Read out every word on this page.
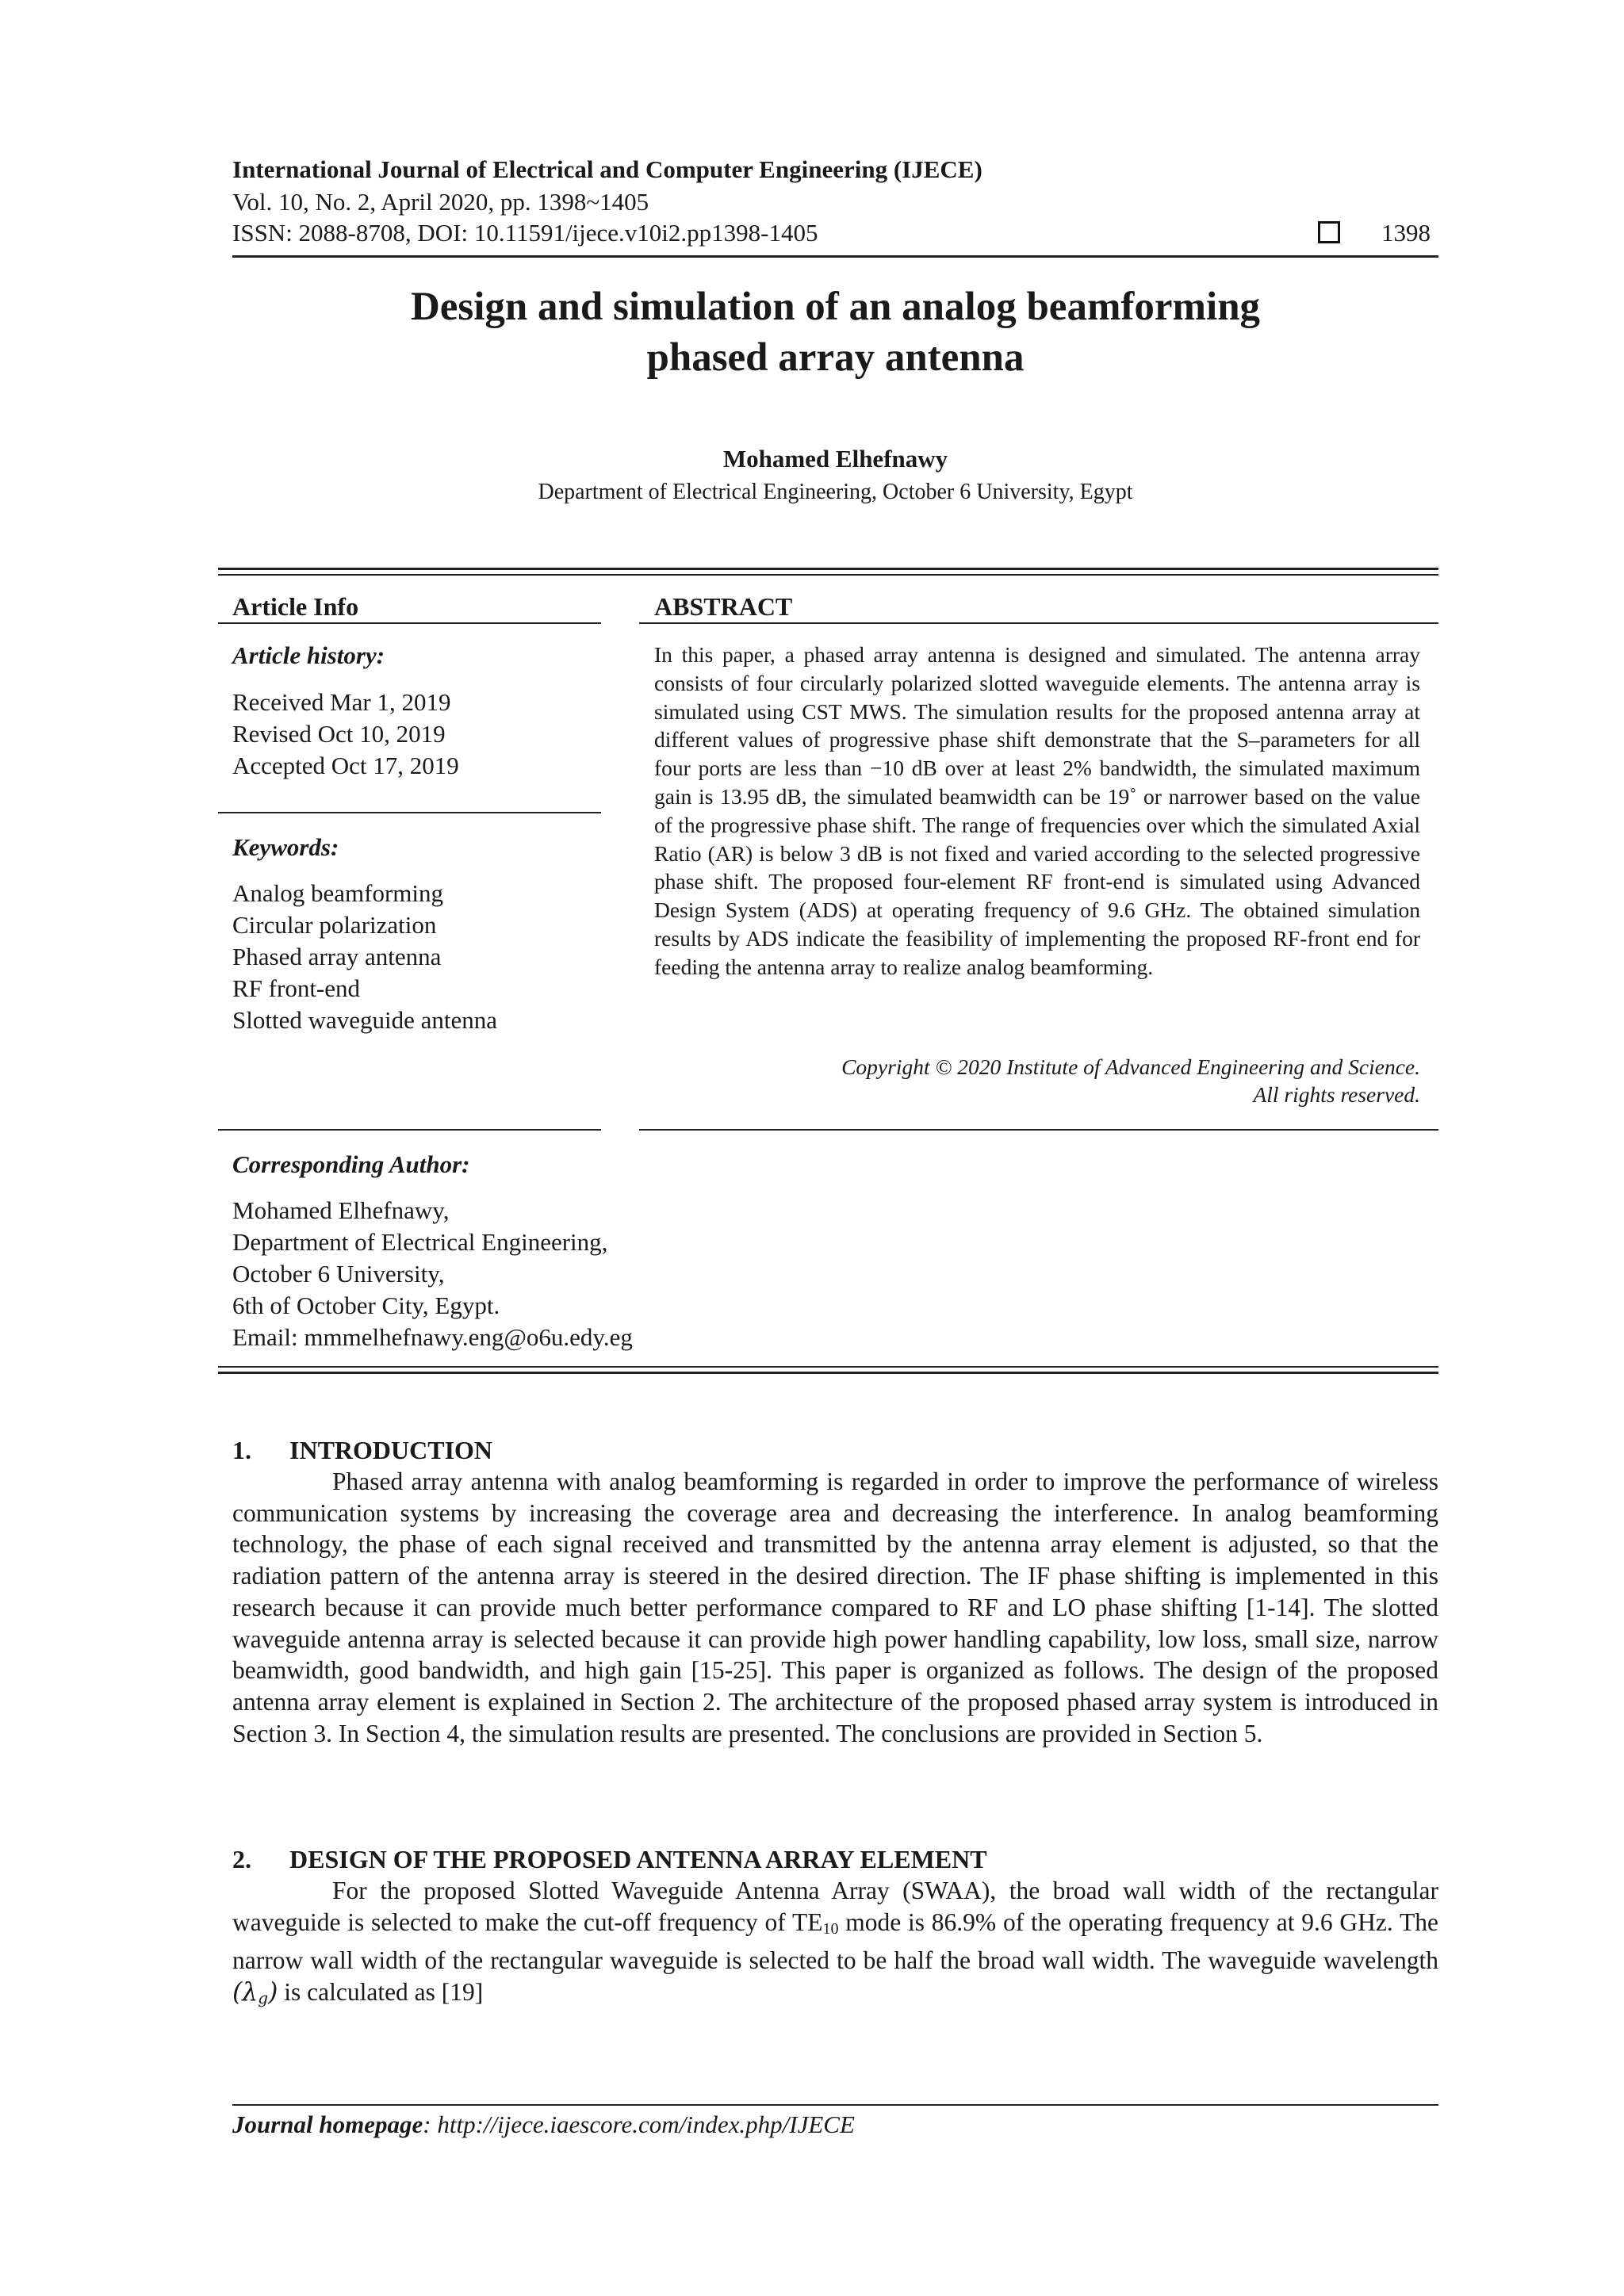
International Journal of Electrical and Computer Engineering (IJECE)
Vol. 10, No. 2, April 2020, pp. 1398~1405
ISSN: 2088-8708, DOI: 10.11591/ijece.v10i2.pp1398-1405	1398
Design and simulation of an analog beamforming
phased array antenna
Mohamed Elhefnawy
Department of Electrical Engineering, October 6 University, Egypt
Article Info
Article history:
Received Mar 1, 2019
Revised Oct 10, 2019
Accepted Oct 17, 2019
Keywords:
Analog beamforming
Circular polarization
Phased array antenna
RF front-end
Slotted waveguide antenna
ABSTRACT
In this paper, a phased array antenna is designed and simulated. The antenna array consists of four circularly polarized slotted waveguide elements. The antenna array is simulated using CST MWS. The simulation results for the proposed antenna array at different values of progressive phase shift demonstrate that the S–parameters for all four ports are less than −10 dB over at least 2% bandwidth, the simulated maximum gain is 13.95 dB, the simulated beamwidth can be 19˚ or narrower based on the value of the progressive phase shift. The range of frequencies over which the simulated Axial Ratio (AR) is below 3 dB is not fixed and varied according to the selected progressive phase shift. The proposed four-element RF front-end is simulated using Advanced Design System (ADS) at operating frequency of 9.6 GHz. The obtained simulation results by ADS indicate the feasibility of implementing the proposed RF-front end for feeding the antenna array to realize analog beamforming.
Copyright © 2020 Institute of Advanced Engineering and Science.
All rights reserved.
Corresponding Author:
Mohamed Elhefnawy,
Department of Electrical Engineering,
October 6 University,
6th of October City, Egypt.
Email: mmmelhefnawy.eng@o6u.edy.eg
1. INTRODUCTION
Phased array antenna with analog beamforming is regarded in order to improve the performance of wireless communication systems by increasing the coverage area and decreasing the interference. In analog beamforming technology, the phase of each signal received and transmitted by the antenna array element is adjusted, so that the radiation pattern of the antenna array is steered in the desired direction. The IF phase shifting is implemented in this research because it can provide much better performance compared to RF and LO phase shifting [1-14]. The slotted waveguide antenna array is selected because it can provide high power handling capability, low loss, small size, narrow beamwidth, good bandwidth, and high gain [15-25]. This paper is organized as follows. The design of the proposed antenna array element is explained in Section 2. The architecture of the proposed phased array system is introduced in Section 3. In Section 4, the simulation results are presented. The conclusions are provided in Section 5.
2. DESIGN OF THE PROPOSED ANTENNA ARRAY ELEMENT
For the proposed Slotted Waveguide Antenna Array (SWAA), the broad wall width of the rectangular waveguide is selected to make the cut-off frequency of $TE_{10}$ mode is 86.9% of the operating frequency at 9.6 GHz. The narrow wall width of the rectangular waveguide is selected to be half the broad wall width. The waveguide wavelength $(\lambda_g)$ is calculated as [19]
Journal homepage: http://ijece.iaescore.com/index.php/IJECE
